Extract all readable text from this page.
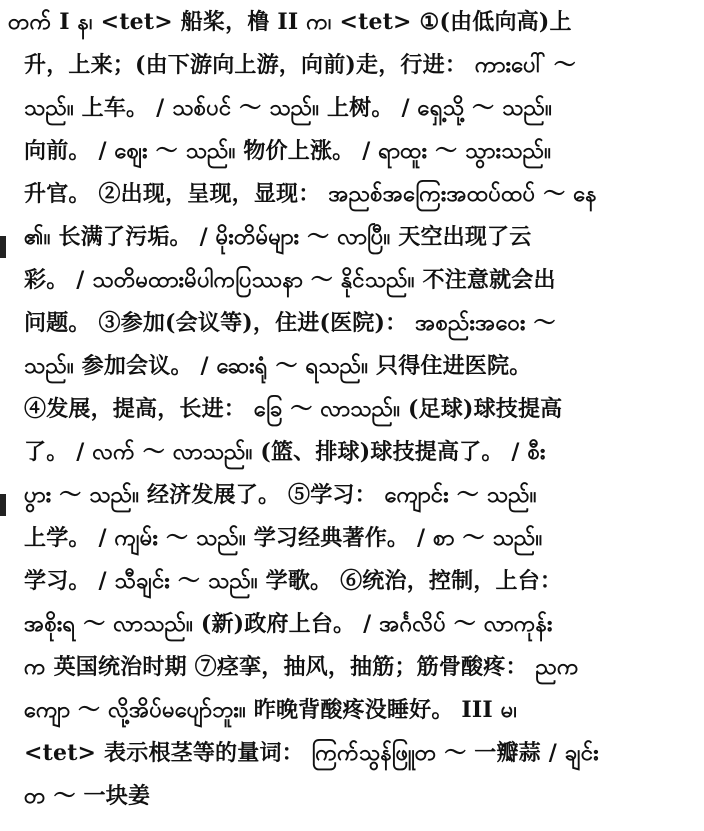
တက် I န၊ <tet> 船桨，橹 II က၊ <tet> ①(由低向高)上
升，上来；(由下游向上游，向前)走，行进： ကားပေါ် ～
သည်။ 上车。 / သစ်ပင် ～ သည်။ 上树。 / ရှေ့သို့ ～ သည်။
向前。 / ဈေး ～ သည်။ 物价上涨。 / ရာထူး ～ သွားသည်။
升官。 ②出现，呈现，显现： အညစ်အကြေးအထပ်ထပ် ～ နေ
၏။ 长满了污垢。 / မိုးတိမ်များ ～ လာပြီ။ 天空出现了云
彩。 / သတိမထားမိပါကပြဿနာ ～ နိုင်သည်။ 不注意就会出
问题。 ③参加(会议等)，住进(医院)： အစည်းအဝေး ～
သည်။ 参加会议。 / ဆေးရုံ ～ ရသည်။ 只得住进医院。
④发展，提高，长进： ခြေ ～ လာသည်။ (足球)球技提高
了。 / လက် ～ လာသည်။ (篮、排球)球技提高了。 / စီး
ပွား ～ သည်။ 经济发展了。 ⑤学习： ကျောင်း ～ သည်။
上学。 / ကျမ်း ～ သည်။ 学习经典著作。 / စာ ～ သည်။
学习。 / သီချင်း ～ သည်။ 学歌。 ⑥统治，控制，上台：
အစိုးရ ～ လာသည်။ (新)政府上台。 / အင်္ဂလိပ် ～ လာကုန်း
က 英国统治时期 ⑦痉挛，抽风，抽筋；筋骨酸疼： ညက
ကျော ～ လို့အိပ်မပျော်ဘူး။ 昨晚背酸疼没睡好。 III မ၊
<tet> 表示根茎等的量词： ကြက်သွန်ဖြူတ ～ 一瓣蒜 / ချင်း
တ ～ 一块姜
